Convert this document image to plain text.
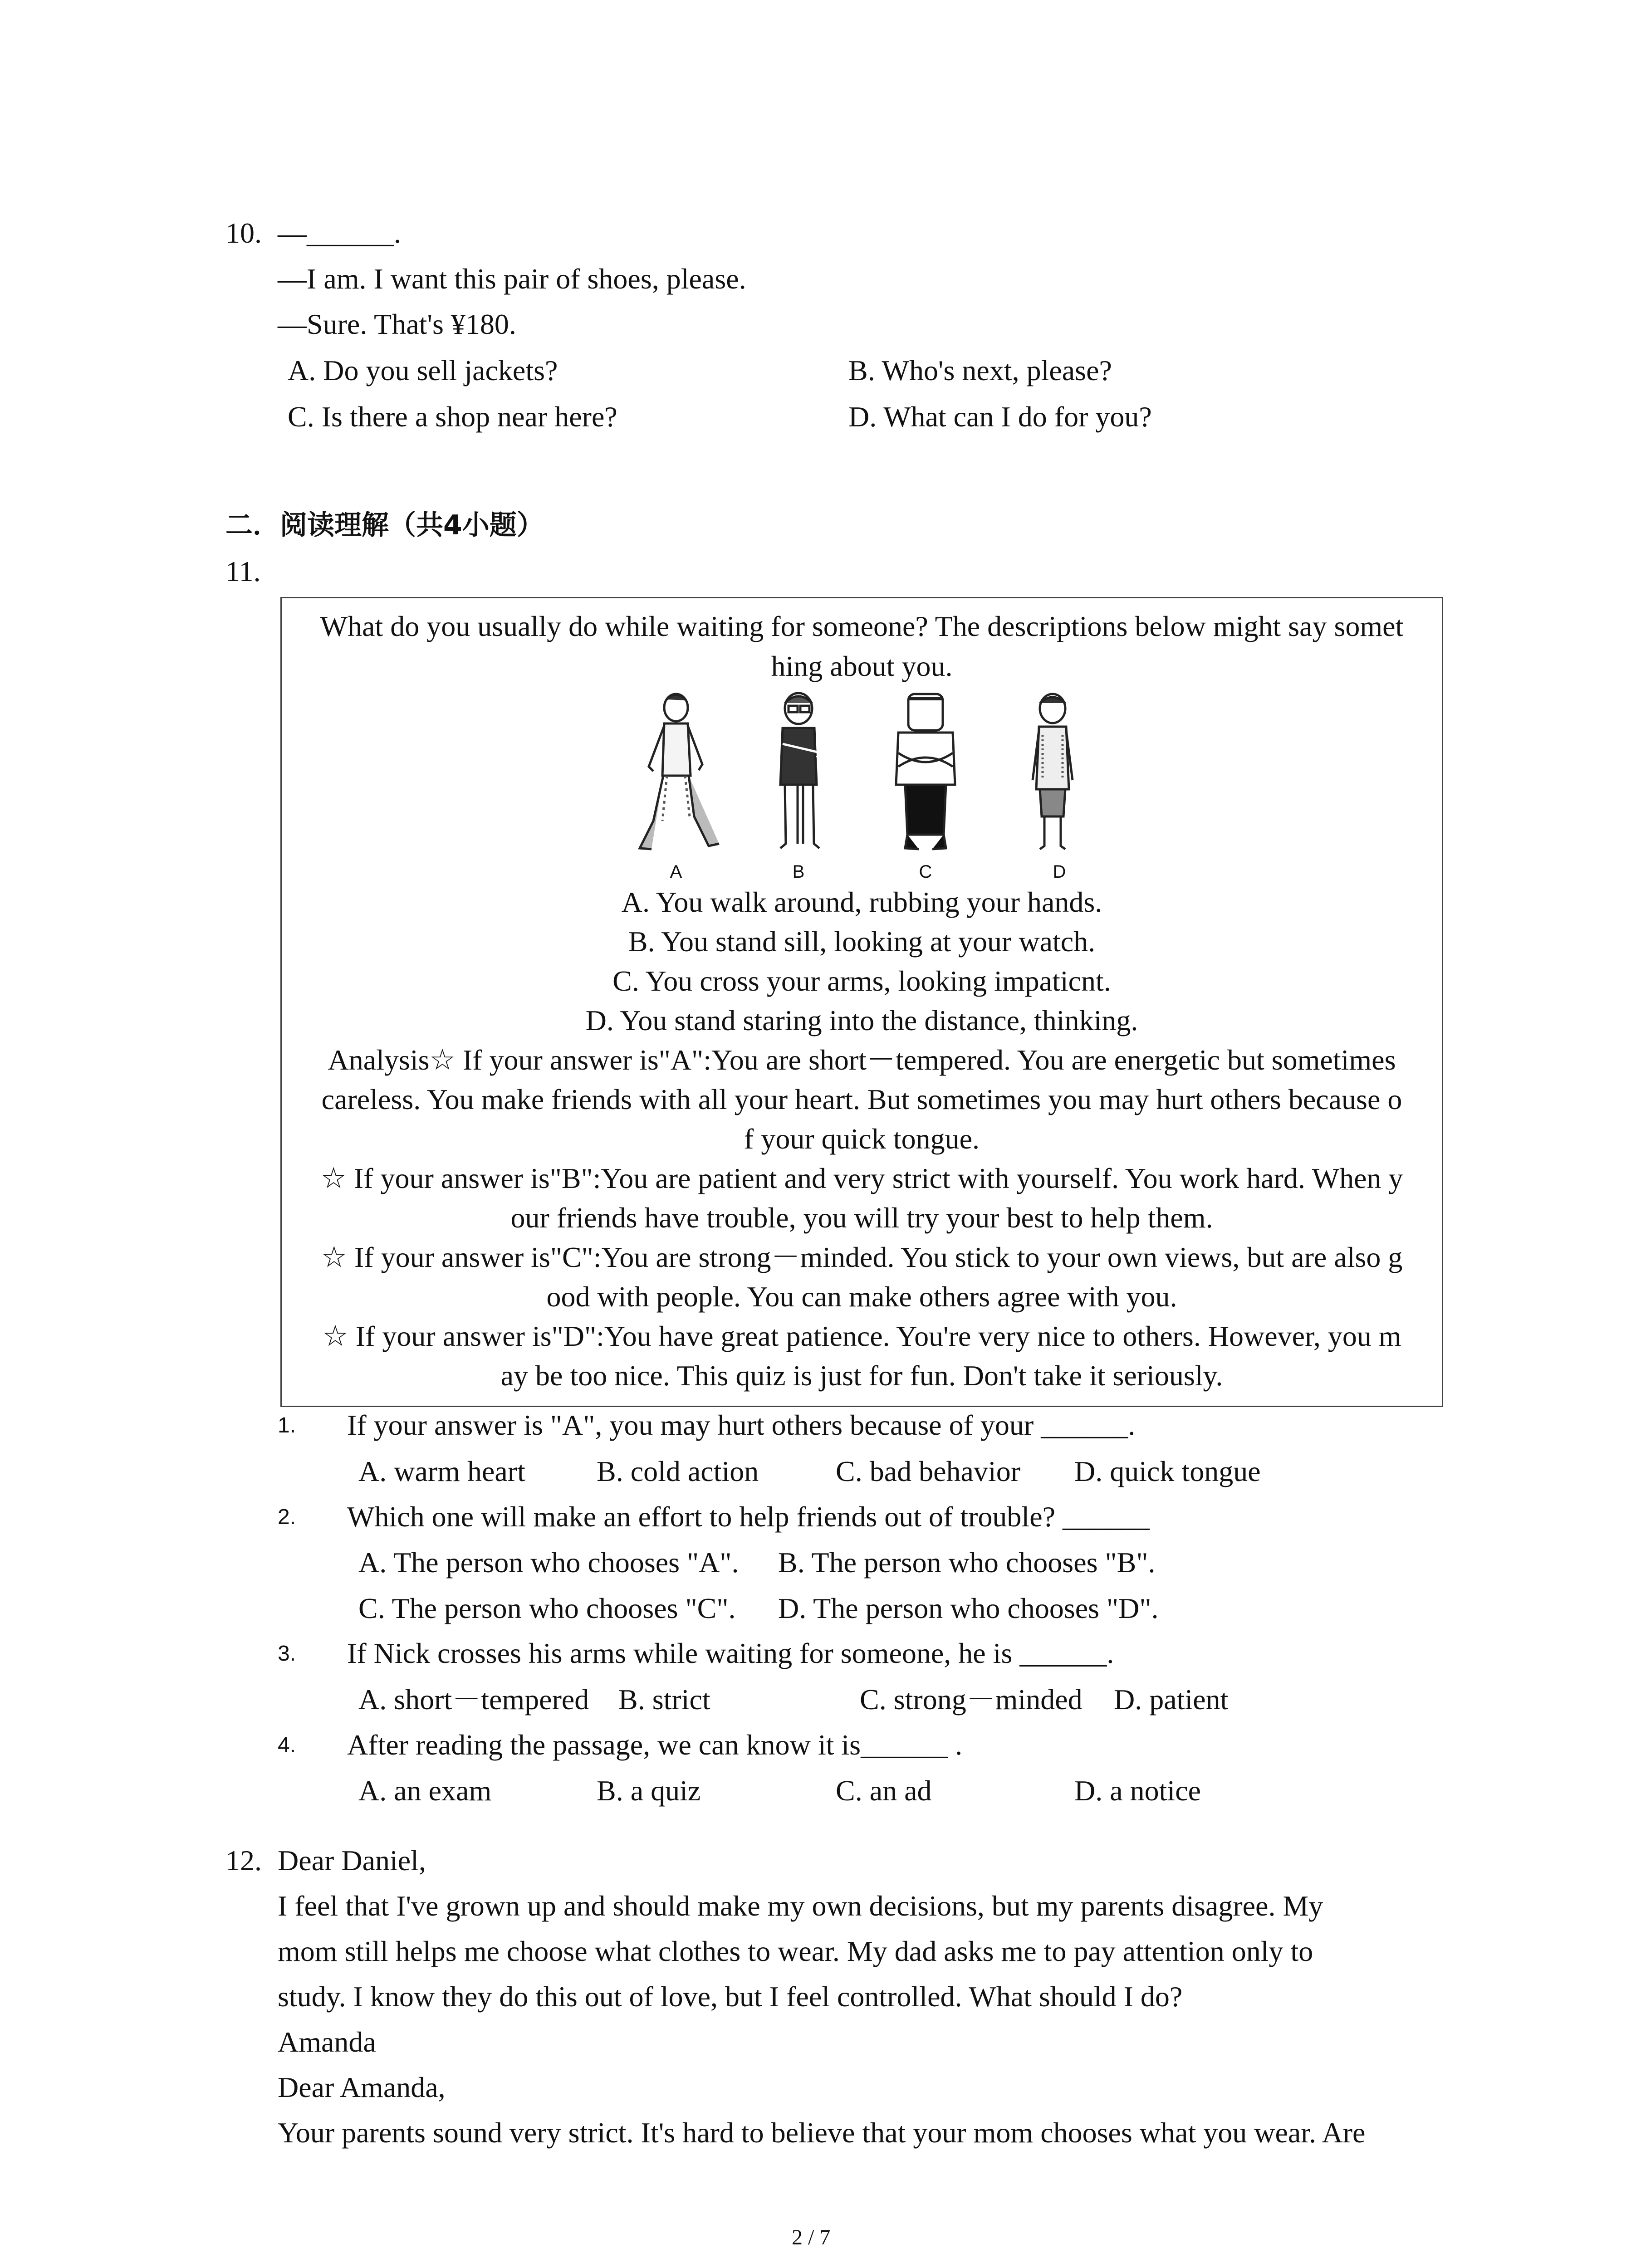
10. —______.
—I am. I want this pair of shoes, please.
—Sure. That's ¥180.
A. Do you sell jackets?	B. Who's next, please?
C. Is there a shop near here?	D. What can I do for you?
二．阅读理解（共4小题）
11.
What do you usually do while waiting for someone? The descriptions below might say somet
hing about you.
A. You walk around, rubbing your hands.
B. You stand sill, looking at your watch.
C. You cross your arms, looking impaticnt.
D. You stand staring into the distance, thinking.
Analysis☆ If your answer is"A":You are short－tempered. You are energetic but sometimes
careless. You make friends with all your heart. But sometimes you may hurt others because o
f your quick tongue.
☆ If your answer is"B":You are patient and very strict with yourself. You work hard. When y
our friends have trouble, you will try your best to help them.
☆ If your answer is"C":You are strong－minded. You stick to your own views, but are also g
ood with people. You can make others agree with you.
☆ If your answer is"D":You have great patience. You're very nice to others. However, you m
ay be too nice. This quiz is just for fun. Don't take it seriously.
A	B	C	D
1. If your answer is "A", you may hurt others because of your ______.
A. warm heart B. cold action	C. bad behavior D. quick tongue
2. Which one will make an effort to help friends out of trouble? ______
A. The person who chooses "A". B. The person who chooses "B".
C. The person who chooses "C". D. The person who chooses "D".
3. If Nick crosses his arms while waiting for someone, he is ______.
A. short－tempered B. strict	C. strong－minded D. patient
4. After reading the passage, we can know it is______ .
A. an exam	B. a quiz	C. an ad	D. a notice
12. Dear Daniel,
I feel that I've grown up and should make my own decisions, but my parents disagree. My
mom still helps me choose what clothes to wear. My dad asks me to pay attention only to
study. I know they do this out of love, but I feel controlled. What should I do?
Amanda
Dear Amanda,
Your parents sound very strict. It's hard to believe that your mom chooses what you wear. Are
2 / 7
